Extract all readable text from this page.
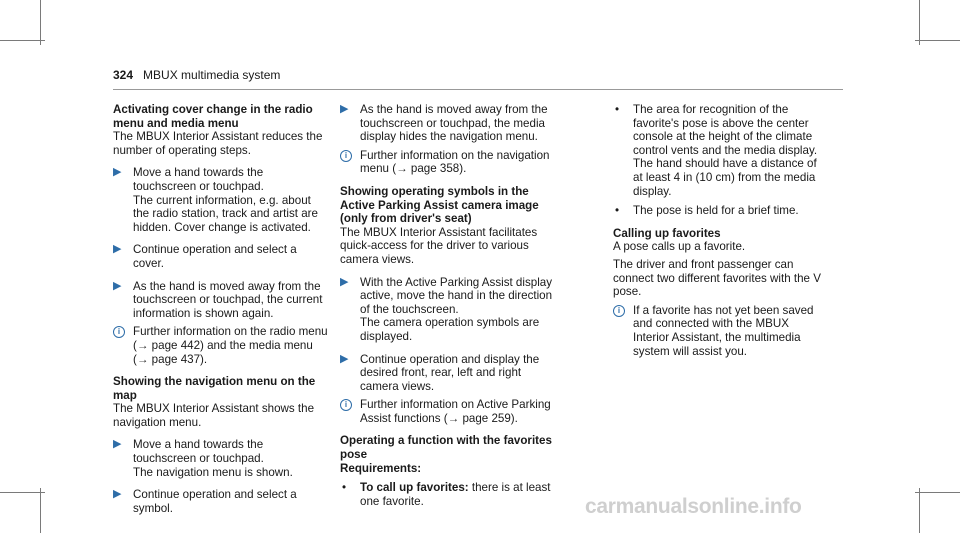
324 MBUX multimedia system

Activating cover change in the radio menu and media menu

The MBUX Interior Assistant reduces the number of operating steps.

▶ Move a hand towards the touchscreen or touchpad.

The current information, e.g. about the radio station, track and artist are hidden. Cover change is activated.

▶ Continue operation and select a cover.

▶ As the hand is moved away from the touchscreen or touchpad, the current information is shown again.

i	Further information on the radio menu (→ page 442) and the media menu (→ page 437).

Showing the navigation menu on the map

The MBUX Interior Assistant shows the navigation menu.

▶ Move a hand towards the touchscreen or touchpad.

The navigation menu is shown.

▶ Continue operation and select a symbol.

▶ As the hand is moved away from the touchscreen or touchpad, the media display hides the navigation menu.

i	Further information on the navigation menu (→ page 358).

Showing operating symbols in the Active Parking Assist camera image (only from driver's seat)

The MBUX Interior Assistant facilitates quick-access for the driver to various camera views.

▶ With the Active Parking Assist display active, move the hand in the direction of the touchscreen.

The camera operation symbols are displayed.

▶ Continue operation and display the desired front, rear, left and right camera views.

i	Further information on Active Parking Assist functions (→ page 259).

Operating a function with the favorites pose

Requirements:

• To call up favorites: there is at least one favorite.

• The area for recognition of the favorite's pose is above the center console at the height of the climate control vents and the media display. The hand should have a distance of at least 4 in (10 cm) from the media display.

• The pose is held for a brief time.

Calling up favorites

A pose calls up a favorite.

The driver and front passenger can connect two different favorites with the V pose.

i	If a favorite has not yet been saved and connected with the MBUX Interior Assistant, the multimedia system will assist you.

carmanualsonline.info
